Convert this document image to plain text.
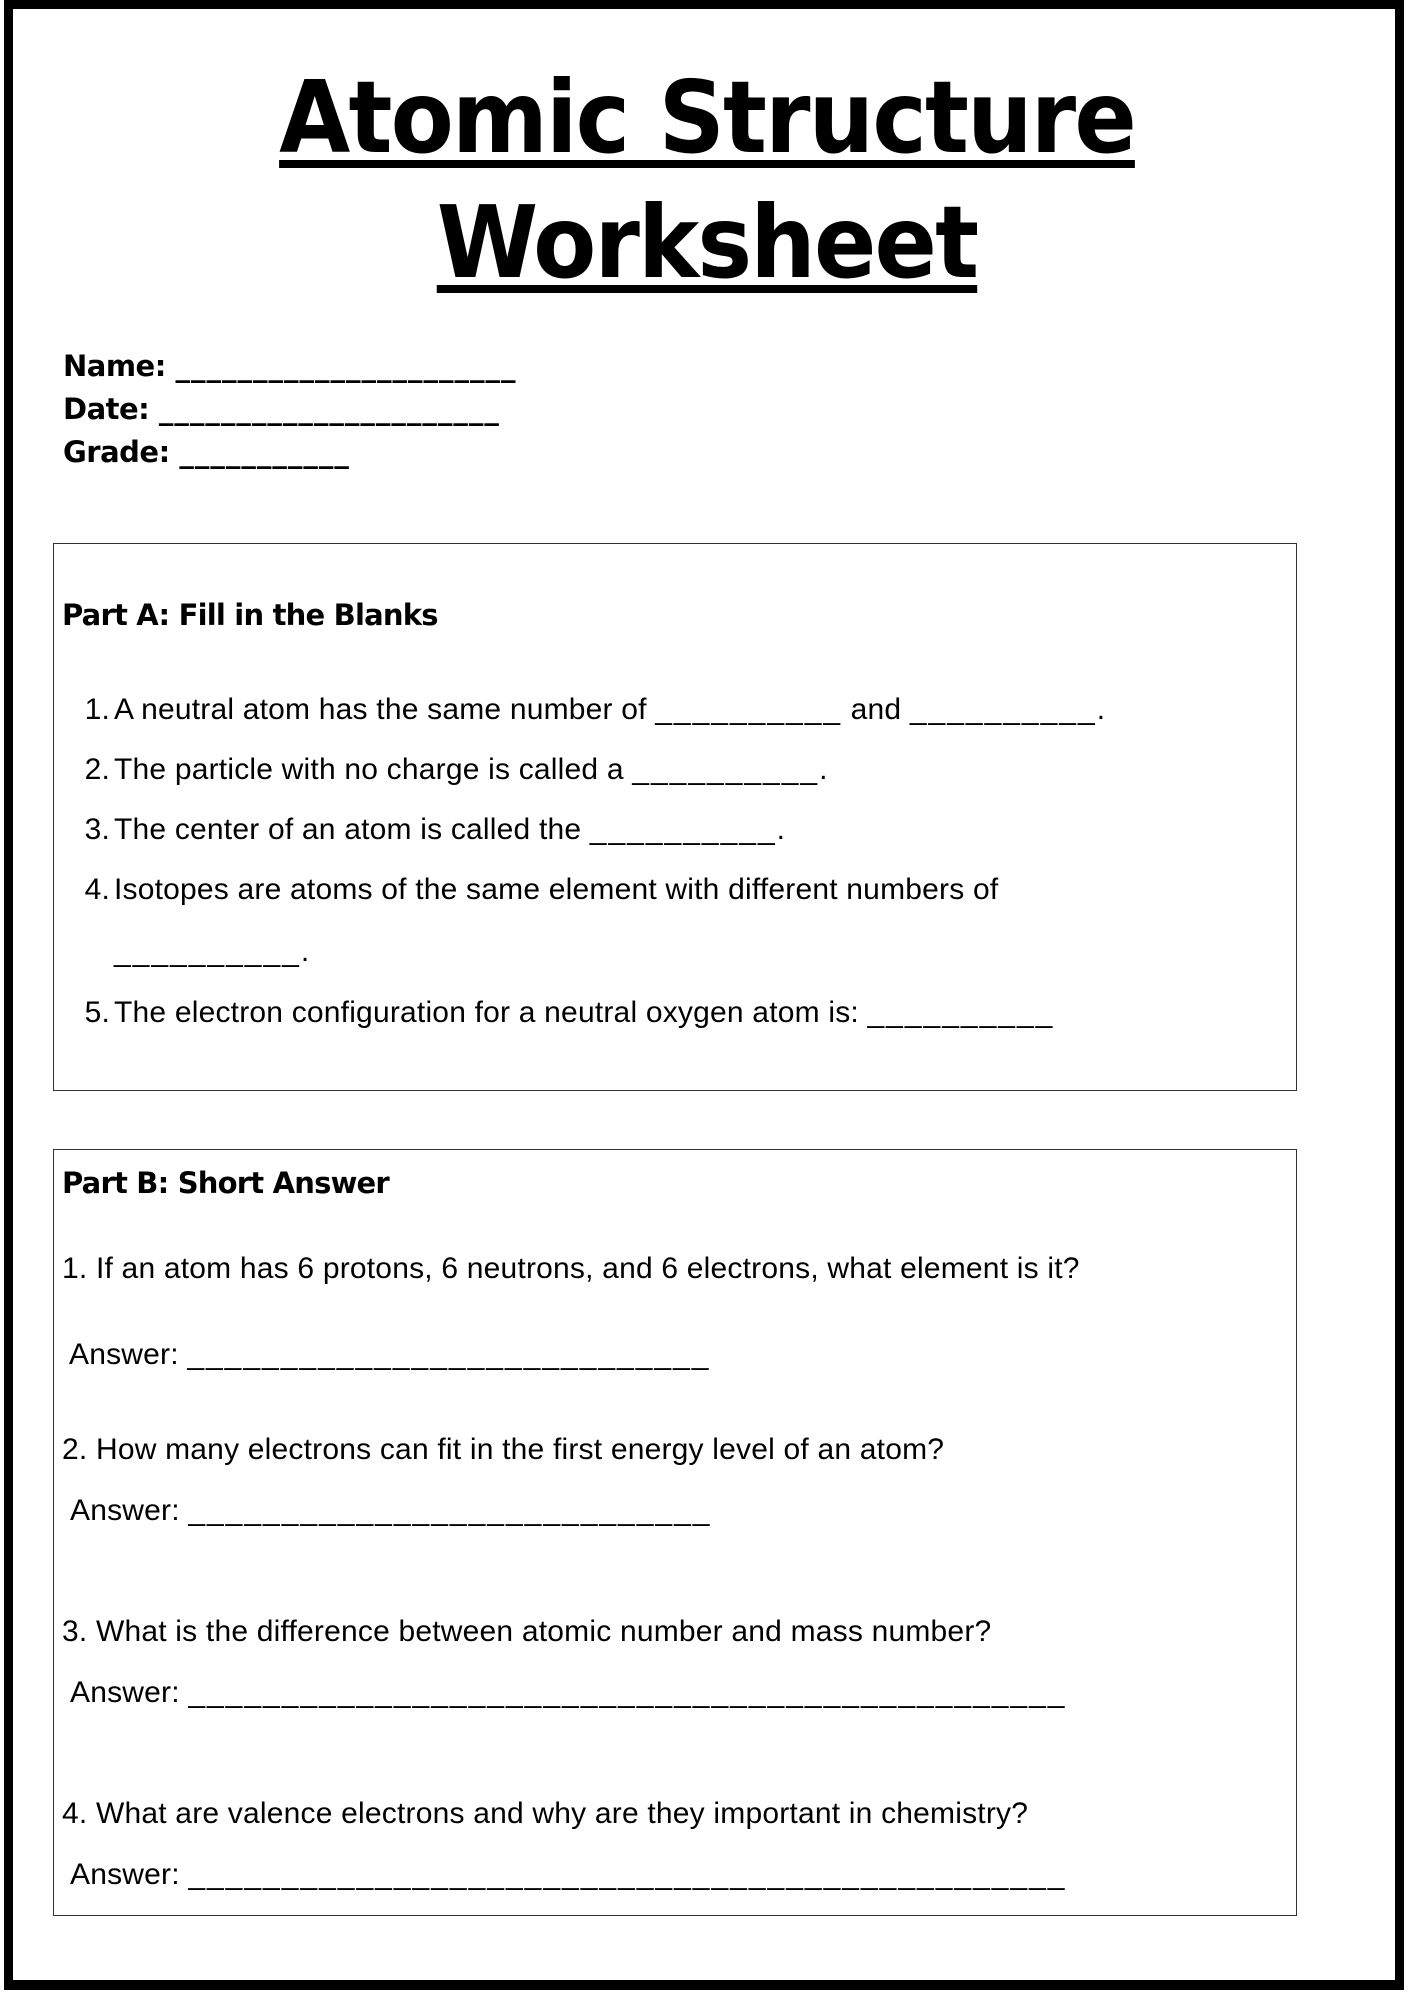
Atomic Structure
Worksheet
Name: ______________________
Date: ______________________
Grade: ___________
Part A: Fill in the Blanks
1. A neutral atom has the same number of __________ and __________.
2. The particle with no charge is called a __________.
3. The center of an atom is called the __________.
4. Isotopes are atoms of the same element with different numbers of
__________.
5. The electron configuration for a neutral oxygen atom is: __________
Part B: Short Answer
1. If an atom has 6 protons, 6 neutrons, and 6 electrons, what element is it?
Answer: ____________________________
2. How many electrons can fit in the first energy level of an atom?
Answer: ____________________________
3. What is the difference between atomic number and mass number?
Answer: _______________________________________________
4. What are valence electrons and why are they important in chemistry?
Answer: _______________________________________________
